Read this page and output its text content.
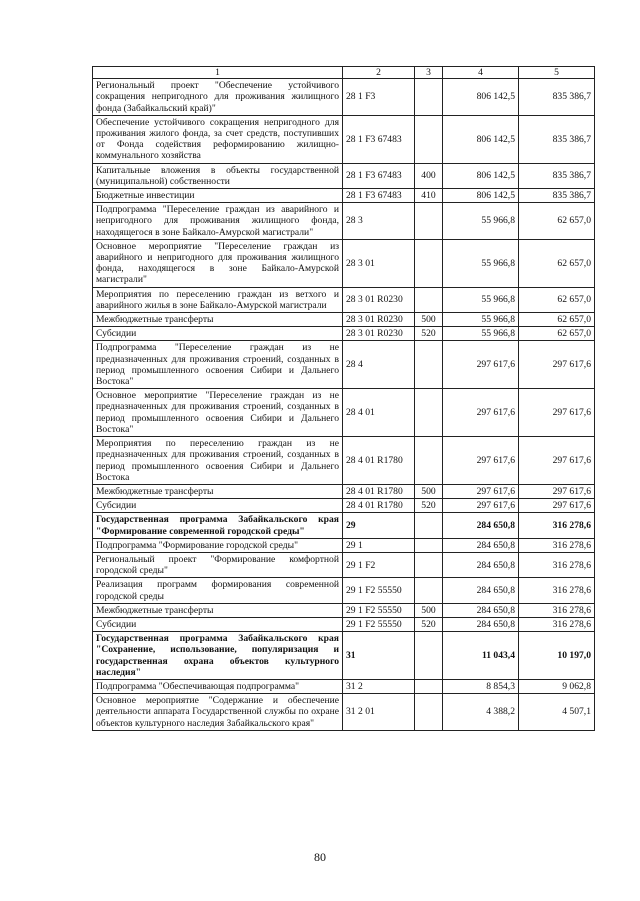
1	2	3	4	5
Региональный проект "Обеспечение устойчивого сокращения непригодного для проживания жилищного фонда (Забайкальский край)"	28 1 F3		806 142,5	835 386,7
Обеспечение устойчивого сокращения непригодного для проживания жилого фонда, за счет средств, поступивших от Фонда содействия реформированию жилищно-коммунального хозяйства	28 1 F3 67483		806 142,5	835 386,7
Капитальные вложения в объекты государственной (муниципальной) собственности	28 1 F3 67483	400	806 142,5	835 386,7
Бюджетные инвестиции	28 1 F3 67483	410	806 142,5	835 386,7
Подпрограмма "Переселение граждан из аварийного и непригодного для проживания жилищного фонда, находящегося в зоне Байкало-Амурской магистрали"	28 3		55 966,8	62 657,0
Основное мероприятие "Переселение граждан из аварийного и непригодного для проживания жилищного фонда, находящегося в зоне Байкало-Амурской магистрали"	28 3 01		55 966,8	62 657,0
Мероприятия по переселению граждан из ветхого и аварийного жилья в зоне Байкало-Амурской магистрали	28 3 01 R0230		55 966,8	62 657,0
Межбюджетные трансферты	28 3 01 R0230	500	55 966,8	62 657,0
Субсидии	28 3 01 R0230	520	55 966,8	62 657,0
Подпрограмма "Переселение граждан из не предназначенных для проживания строений, созданных в период промышленного освоения Сибири и Дальнего Востока"	28 4		297 617,6	297 617,6
Основное мероприятие "Переселение граждан из не предназначенных для проживания строений, созданных в период промышленного освоения Сибири и Дальнего Востока"	28 4 01		297 617,6	297 617,6
Мероприятия по переселению граждан из не предназначенных для проживания строений, созданных в период промышленного освоения Сибири и Дальнего Востока	28 4 01 R1780		297 617,6	297 617,6
Межбюджетные трансферты	28 4 01 R1780	500	297 617,6	297 617,6
Субсидии	28 4 01 R1780	520	297 617,6	297 617,6
Государственная программа Забайкальского края "Формирование современной городской среды"	29		284 650,8	316 278,6
Подпрограмма "Формирование городской среды"	29 1		284 650,8	316 278,6
Региональный проект "Формирование комфортной городской среды"	29 1 F2		284 650,8	316 278,6
Реализация программ формирования современной городской среды	29 1 F2 55550		284 650,8	316 278,6
Межбюджетные трансферты	29 1 F2 55550	500	284 650,8	316 278,6
Субсидии	29 1 F2 55550	520	284 650,8	316 278,6
Государственная программа Забайкальского края "Сохранение, использование, популяризация и государственная охрана объектов культурного наследия"	31		11 043,4	10 197,0
Подпрограмма "Обеспечивающая подпрограмма"	31 2		8 854,3	9 062,8
Основное мероприятие "Содержание и обеспечение деятельности аппарата Государственной службы по охране объектов культурного наследия Забайкальского края"	31 2 01		4 388,2	4 507,1
80
